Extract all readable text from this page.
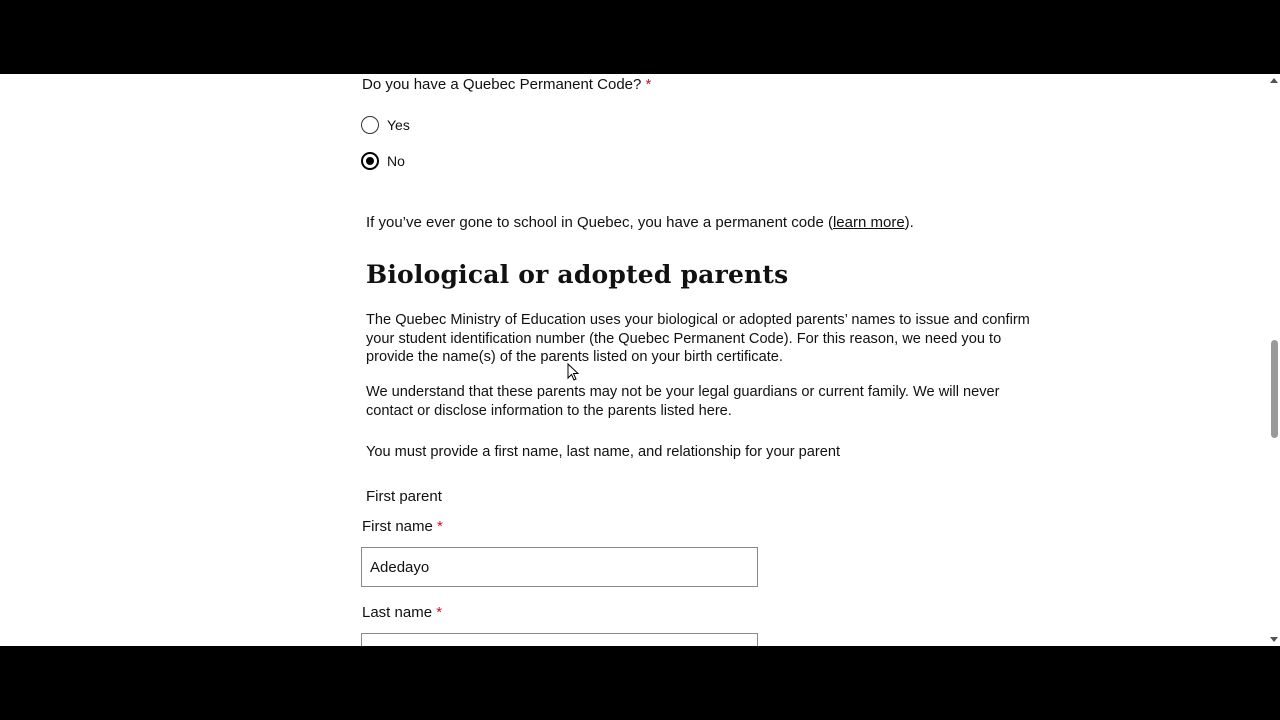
Do you have a Quebec Permanent Code? *
Yes
No
If you’ve ever gone to school in Quebec, you have a permanent code (learn more).
Biological or adopted parents

The Quebec Ministry of Education uses your biological or adopted parents’ names to issue and confirm your student identification number (the Quebec Permanent Code). For this reason, we need you to provide the name(s) of the parents listed on your birth certificate.

We understand that these parents may not be your legal guardians or current family. We will never contact or disclose information to the parents listed here.

You must provide a first name, last name, and relationship for your parent

First parent
First name *
Adedayo
Last name *
